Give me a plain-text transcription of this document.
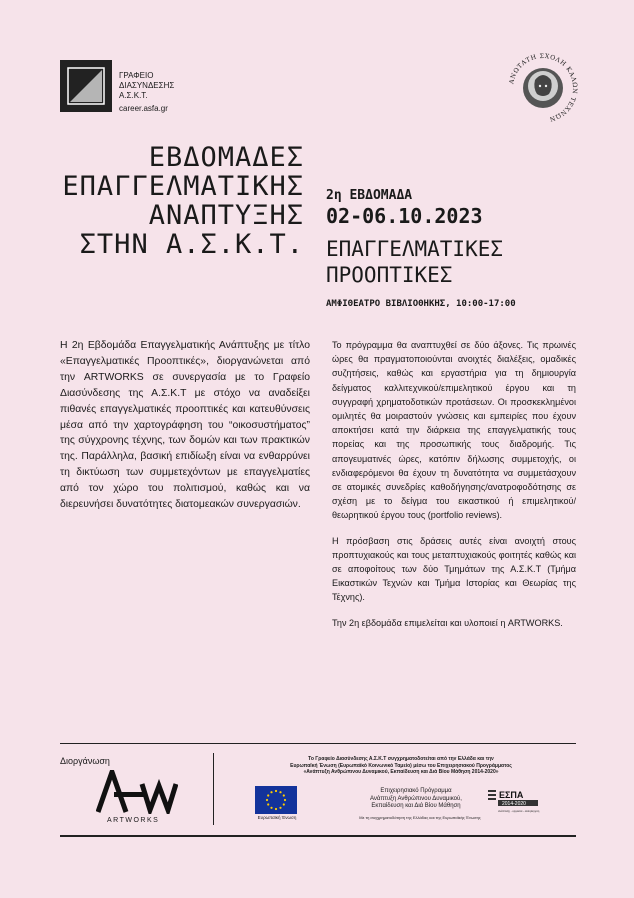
ΓΡΑΦΕΙΟ
ΔΙΑΣΥΝΔΕΣΗΣ
Α.Σ.Κ.Τ.
career.asfa.gr
ΑΝΩΤΑΤΗ ΣΧΟΛΗ ΚΑΛΩΝ ΤΕΧΝΩΝ
ΕΒΔΟΜΑΔΕΣ
ΕΠΑΓΓΕΛΜΑΤΙΚΗΣ
ΑΝΑΠΤΥΞΗΣ
ΣΤΗΝ Α.Σ.Κ.Τ.
2η ΕΒΔΟΜΑΔΑ
02-06.10.2023
ΕΠΑΓΓΕΛΜΑΤΙΚΕΣ
ΠΡΟΟΠΤΙΚΕΣ
ΑΜΦΙΘΕΑΤΡΟ ΒΙΒΛΙΟΘΗΚΗΣ, 10:00-17:00

Η 2η Εβδομάδα Επαγγελματικής Ανάπτυξης με τίτλο «Επαγγελματικές Προοπτικές», διοργανώνεται από την ARTWORKS σε συνεργασία με το Γραφείο Διασύνδεσης της Α.Σ.Κ.Τ με στόχο να αναδείξει πιθανές επαγγελματικές προοπτικές και κατευθύνσεις μέσα από την χαρτογράφηση του “οικοσυστήματος” της σύγχρονης τέχνης, των δομών και των πρακτικών της. Παράλληλα, βασική επιδίωξη είναι να ενθαρρύνει τη δικτύωση των συμμετεχόντων με επαγγελματίες από τον χώρο του πολιτισμού, καθώς και να διερευνήσει δυνατότητες διατομεακών συνεργασιών.

Το πρόγραμμα θα αναπτυχθεί σε δύο άξονες. Τις πρωινές ώρες θα πραγματοποιούνται ανοιχτές διαλέξεις, ομαδικές συζητήσεις, καθώς και εργαστήρια για τη δημιουργία δείγματος καλλιτεχνικού/επιμελητικού έργου και τη συγγραφή χρηματοδοτικών προτάσεων. Οι προσκεκλημένοι ομιλητές θα μοιραστούν γνώσεις και εμπειρίες που έχουν αποκτήσει κατά την διάρκεια της επαγγελματικής τους πορείας και της προσωπικής τους διαδρομής. Τις απογευματινές ώρες, κατόπιν δήλωσης συμμετοχής, οι ενδιαφερόμενοι θα έχουν τη δυνατότητα να συμμετάσχουν σε ατομικές συνεδρίες καθοδήγησης/ανατροφοδότησης σε σχέση με το δείγμα του εικαστικού ή επιμελητικού/θεωρητικού έργου τους (portfolio reviews).

Η πρόσβαση στις δράσεις αυτές είναι ανοιχτή στους προπτυχιακούς και τους μεταπτυχιακούς φοιτητές καθώς και σε αποφοίτους των δύο Τμημάτων της Α.Σ.Κ.Τ (Τμήμα Εικαστικών Τεχνών και Τμήμα Ιστορίας και Θεωρίας της Τέχνης).

Την 2η εβδομάδα επιμελείται και υλοποιεί η ARTWORKS.

Διοργάνωση
ARTWORKS
Το Γραφείο Διασύνδεσης Α.Σ.Κ.Τ συγχρηματοδοτείται από την Ελλάδα και την
Ευρωπαϊκή Ένωση (Ευρωπαϊκό Κοινωνικό Ταμείο) μέσω του Επιχειρησιακού Προγράμματος
«Ανάπτυξη Ανθρώπινου Δυναμικού, Εκπαίδευση και Διά Βίου Μάθηση 2014-2020»
Ευρωπαϊκή Ένωση
Επιχειρησιακό Πρόγραμμα
Ανάπτυξη Ανθρώπινου Δυναμικού,
Εκπαίδευση και Διά Βίου Μάθηση
Με τη συγχρηματοδότηση της Ελλάδας και της Ευρωπαϊκής Ένωσης
ΕΣΠΑ
2014-2020
ανάπτυξη - εργασία - αλληλεγγύη
